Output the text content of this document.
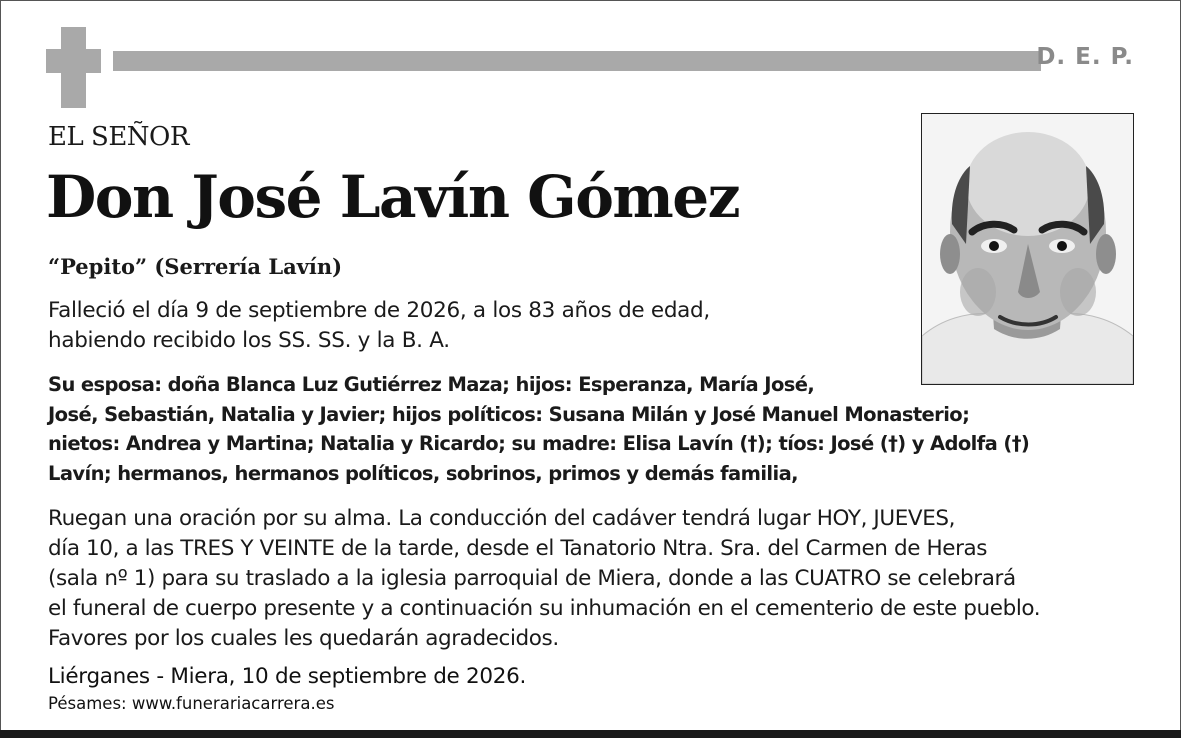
D. E. P.
EL SEÑOR
Don José Lavín Gómez
“Pepito” (Serrería Lavín)
Falleció el día 9 de septiembre de 2026, a los 83 años de edad,
habiendo recibido los SS. SS. y la B. A.
Su esposa: doña Blanca Luz Gutiérrez Maza; hijos: Esperanza, María José,
José, Sebastián, Natalia y Javier; hijos políticos: Susana Milán y José Manuel Monasterio;
nietos: Andrea y Martina; Natalia y Ricardo; su madre: Elisa Lavín (†); tíos: José (†) y Adolfa (†)
Lavín; hermanos, hermanos políticos, sobrinos, primos y demás familia,
Ruegan una oración por su alma. La conducción del cadáver tendrá lugar HOY, JUEVES,
día 10, a las TRES Y VEINTE de la tarde, desde el Tanatorio Ntra. Sra. del Carmen de Heras
(sala nº 1) para su traslado a la iglesia parroquial de Miera, donde a las CUATRO se celebrará
el funeral de cuerpo presente y a continuación su inhumación en el cementerio de este pueblo.
Favores por los cuales les quedarán agradecidos.
Liérganes - Miera, 10 de septiembre de 2026.
Pésames: www.funerariacarrera.es
